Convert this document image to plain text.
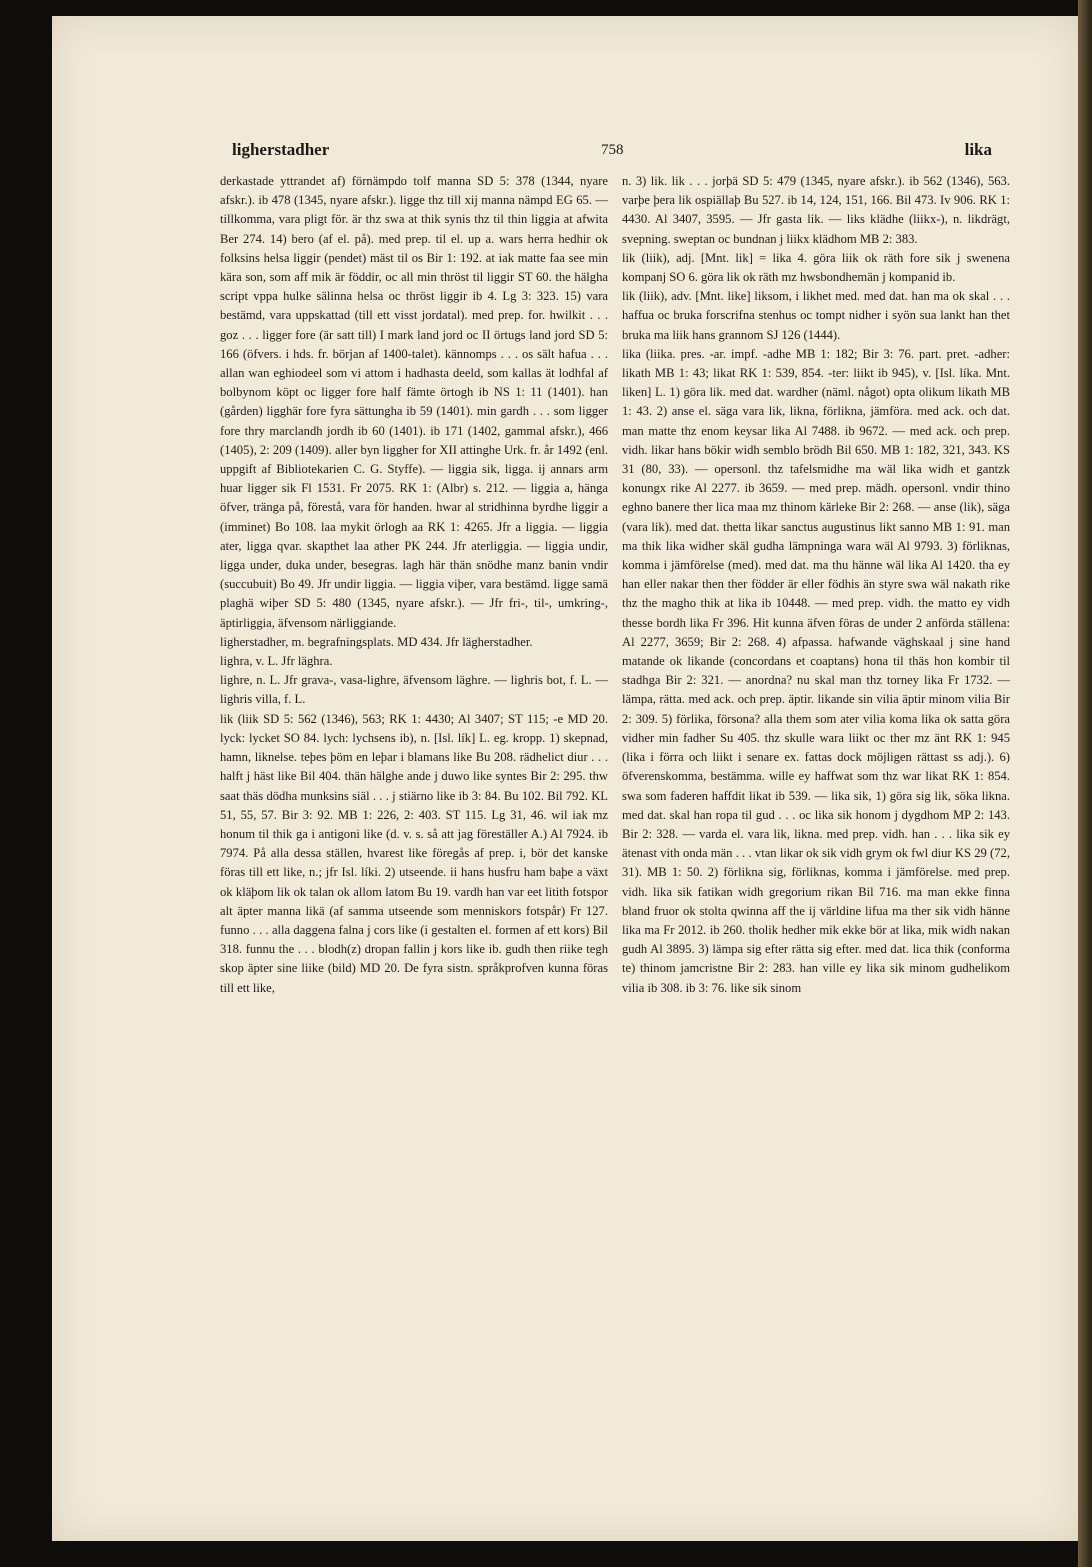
ligherstadher	758	lika

derkastade yttrandet af) förnämpdo tolf manna SD 5: 378 (1344, nyare afskr.). ib 478 (1345, nyare afskr.). ligge thz till xij manna nämpd EG 65. — tillkomma, vara pligt för. är thz swa at thik synis thz til thin liggia at afwita Ber 274. 14) bero (af el. på). med prep. til el. up a. wars herra hedhir ok folksins helsa liggir (pendet) mäst til os Bir 1: 192. at iak matte faa see min kära son, som aff mik är föddir, oc all min thröst til liggir ST 60. the hälgha script vppa hulke sälinna helsa oc thröst liggir ib 4. Lg 3: 323. 15) vara bestämd, vara uppskattad (till ett visst jordatal). med prep. for. hwilkit . . . goz . . . ligger fore (är satt till) I mark land jord oc II örtugs land jord SD 5: 166 (öfvers. i hds. fr. början af 1400-talet). kännomps . . . os sält hafua . . . allan wan eghiodeel som vi attom i hadhasta deeld, som kallas ät lodhfal af bolbynom köpt oc ligger fore half fämte örtogh ib NS 1: 11 (1401). han (gården) ligghär fore fyra sättungha ib 59 (1401). min gardh . . . som ligger fore thry marclandh jordh ib 60 (1401). ib 171 (1402, gammal afskr.), 466 (1405), 2: 209 (1409). aller byn liggher for XII attinghe Urk. fr. år 1492 (enl. uppgift af Bibliotekarien C. G. Styffe). — liggia sik, ligga. ij annars arm huar ligger sik Fl 1531. Fr 2075. RK 1: (Albr) s. 212. — liggia a, hänga öfver, tränga på, förestå, vara för handen. hwar al stridhinna byrdhe liggir a (imminet) Bo 108. laa mykit örlogh aa RK 1: 4265. Jfr a liggia. — liggia ater, ligga qvar. skapthet laa ather PK 244. Jfr aterliggia. — liggia undir, ligga under, duka under, besegras. lagh här thän snödhe manz banin vndir (succubuit) Bo 49. Jfr undir liggia. — liggia viþer, vara bestämd. ligge samä plaghä wiþer SD 5: 480 (1345, nyare afskr.). — Jfr fri-, til-, umkring-, äptirliggia, äfvensom närliggiande.

ligherstadher, m. begrafningsplats. MD 434. Jfr lägherstadher.

lighra, v. L. Jfr läghra.

lighre, n. L. Jfr grava-, vasa-lighre, äfvensom läghre. — lighris bot, f. L. — lighris villa, f. L.

lik (liik SD 5: 562 (1346), 563; RK 1: 4430; Al 3407; ST 115; -e MD 20. lyck: lycket SO 84. lych: lychsens ib), n. [Isl. lík] L. eg. kropp. 1) skepnad, hamn, liknelse. teþes þöm en leþar i blamans like Bu 208. rädhelict diur . . . halft j häst like Bil 404. thän hälghe ande j duwo like syntes Bir 2: 295. thw saat thäs dödha munksins siäl . . . j stiärno like ib 3: 84. Bu 102. Bil 792. KL 51, 55, 57. Bir 3: 92. MB 1: 226, 2: 403. ST 115. Lg 31, 46. wil iak mz honum til thik ga i antigoni like (d. v. s. så att jag föreställer A.) Al 7924. ib 7974. På alla dessa ställen, hvarest like föregås af prep. i, bör det kanske föras till ett like, n.; jfr Isl. líki. 2) utseende. ii hans husfru ham baþe a växt ok kläþom lik ok talan ok allom latom Bu 19. vardh han var eet litith fotspor alt äpter manna likä (af samma utseende som menniskors fotspår) Fr 127. funno . . . alla daggena falna j cors like (i gestalten el. formen af ett kors) Bil 318. funnu the . . . blodh(z) dropan fallin j kors like ib. gudh then riike tegh skop äpter sine liike (bild) MD 20. De fyra sistn. språkprofven kunna föras till ett like,

n. 3) lik. lik . . . jorþä SD 5: 479 (1345, nyare afskr.). ib 562 (1346), 563. varþe þera lik ospiällaþ Bu 527. ib 14, 124, 151, 166. Bil 473. Iv 906. RK 1: 4430. Al 3407, 3595. — Jfr gasta lik. — liks klädhe (liikx-), n. likdrägt, svepning. sweptan oc bundnan j liikx klädhom MB 2: 383.

lik (liik), adj. [Mnt. lik] = lika 4. göra liik ok räth fore sik j swenena kompanj SO 6. göra lik ok räth mz hwsbondhemän j kompanid ib.

lik (liik), adv. [Mnt. like] liksom, i likhet med. med dat. han ma ok skal . . . haffua oc bruka forscrifna stenhus oc tompt nidher i syön sua lankt han thet bruka ma liik hans grannom SJ 126 (1444).

lika (liika. pres. -ar. impf. -adhe MB 1: 182; Bir 3: 76. part. pret. -adher: likath MB 1: 43; likat RK 1: 539, 854. -ter: liikt ib 945), v. [Isl. líka. Mnt. liken] L. 1) göra lik. med dat. wardher (näml. något) opta olikum likath MB 1: 43. 2) anse el. säga vara lik, likna, förlikna, jämföra. med ack. och dat. man matte thz enom keysar lika Al 7488. ib 9672. — med ack. och prep. vidh. likar hans bökir widh semblo brödh Bil 650. MB 1: 182, 321, 343. KS 31 (80, 33). — opersonl. thz tafelsmidhe ma wäl lika widh et gantzk konungx rike Al 2277. ib 3659. — med prep. mädh. opersonl. vndir thino eghno banere ther lica maa mz thinom kärleke Bir 2: 268. — anse (lik), säga (vara lik). med dat. thetta likar sanctus augustinus likt sanno MB 1: 91. man ma thik lika widher skäl gudha lämpninga wara wäl Al 9793. 3) förliknas, komma i jämförelse (med). med dat. ma thu hänne wäl lika Al 1420. tha ey han eller nakar then ther födder är eller födhis än styre swa wäl nakath rike thz the magho thik at lika ib 10448. — med prep. vidh. the matto ey vidh thesse bordh lika Fr 396. Hit kunna äfven föras de under 2 anförda ställena: Al 2277, 3659; Bir 2: 268. 4) afpassa. hafwande väghskaal j sine hand matande ok likande (concordans et coaptans) hona til thäs hon kombir til stadhga Bir 2: 321. — anordna? nu skal man thz torney lika Fr 1732. — lämpa, rätta. med ack. och prep. äptir. likande sin vilia äptir minom vilia Bir 2: 309. 5) förlika, försona? alla them som ater vilia koma lika ok satta göra vidher min fadher Su 405. thz skulle wara liikt oc ther mz änt RK 1: 945 (lika i förra och liikt i senare ex. fattas dock möjligen rättast ss adj.). 6) öfverenskomma, bestämma. wille ey haffwat som thz war likat RK 1: 854. swa som faderen haffdit likat ib 539. — lika sik, 1) göra sig lik, söka likna. med dat. skal han ropa til gud . . . oc lika sik honom j dygdhom MP 2: 143. Bir 2: 328. — varda el. vara lik, likna. med prep. vidh. han . . . lika sik ey ätenast vith onda män . . . vtan likar ok sik vidh grym ok fwl diur KS 29 (72, 31). MB 1: 50. 2) förlikna sig, förliknas, komma i jämförelse. med prep. vidh. lika sik fatikan widh gregorium rikan Bil 716. ma man ekke finna bland fruor ok stolta qwinna aff the ij världine lifua ma ther sik vidh hänne lika ma Fr 2012. ib 260. tholik hedher mik ekke bör at lika, mik widh nakan gudh Al 3895. 3) lämpa sig efter rätta sig efter. med dat. lica thik (conforma te) thinom jamcristne Bir 2: 283. han ville ey lika sik minom gudhelikom vilia ib 308. ib 3: 76. like sik sinom
